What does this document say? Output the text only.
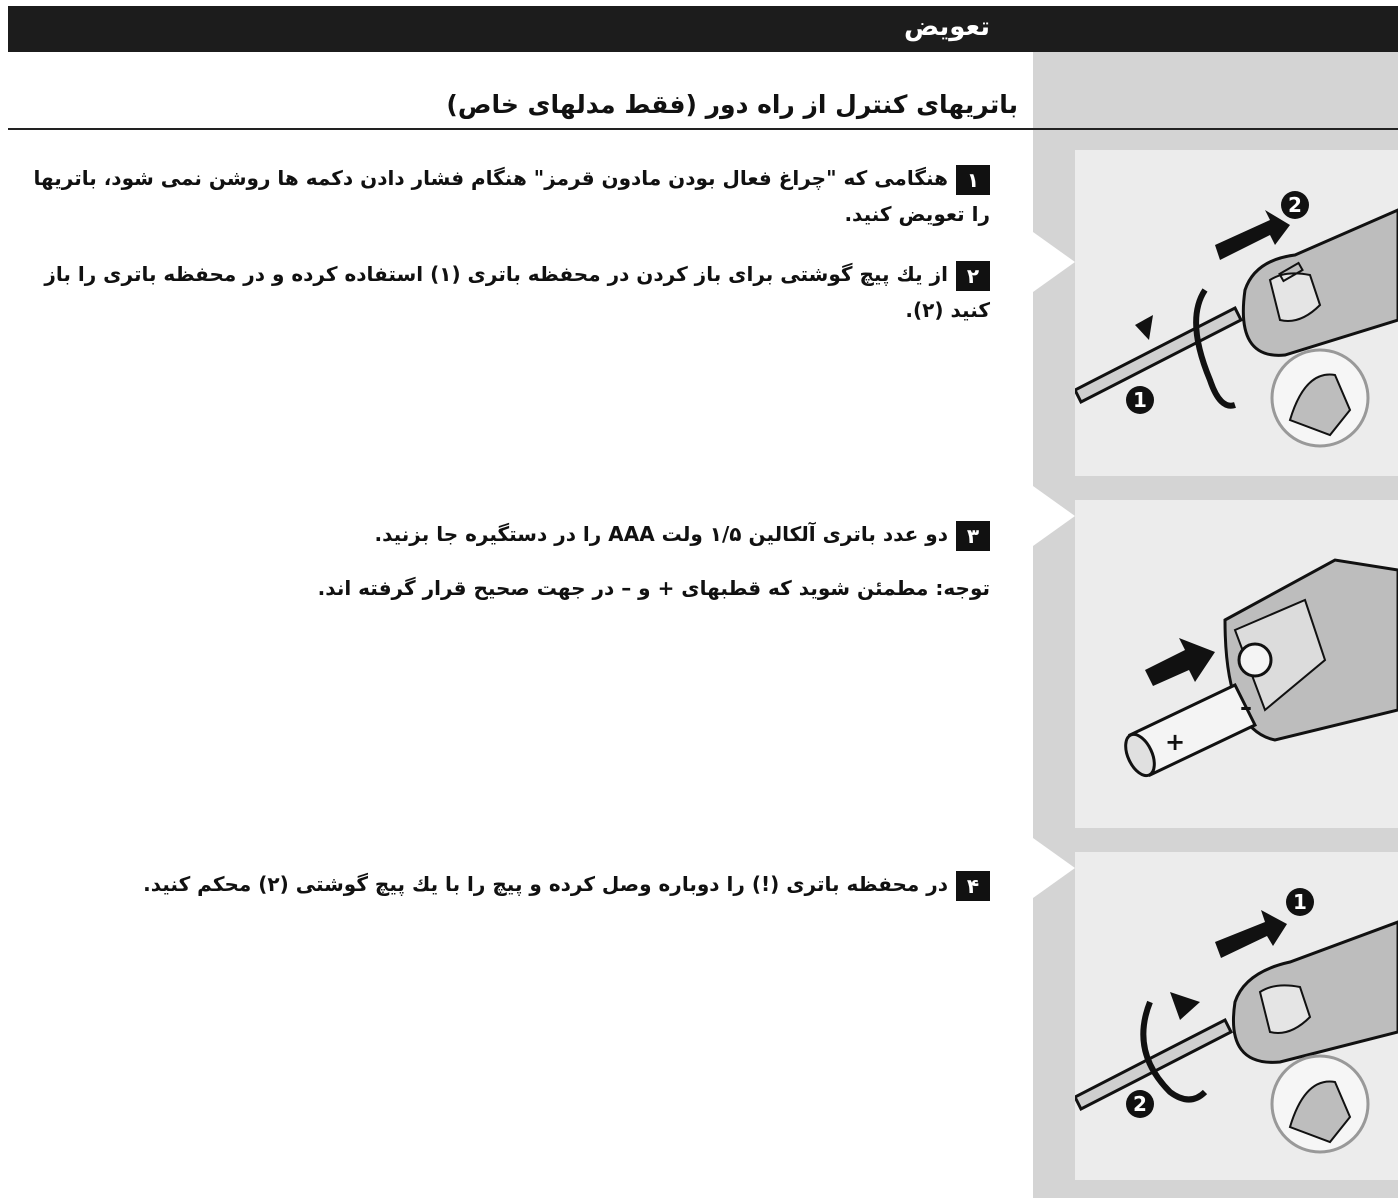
تعویض
باتریهای کنترل از راه دور (فقط مدلهای خاص)
۱هنگامی که "چراغ فعال بودن مادون قرمز" هنگام فشار دادن دکمه ها روشن نمی شود، باتریها را تعویض کنید.
۲از یك پیچ گوشتی برای باز کردن در محفظه باتری (۱) استفاده کرده و در محفظه باتری را باز کنید (۲).
۳دو عدد باتری آلکالین ۱/۵ ولت AAA را در دستگیره جا بزنید.
توجه: مطمئن شوید که قطبهای + و – در جهت صحیح قرار گرفته اند.
۴در محفظه باتری (!) را دوباره وصل کرده و پیچ را با یك پیچ گوشتی (۲) محکم کنید.
2
1
+
–
1
2
